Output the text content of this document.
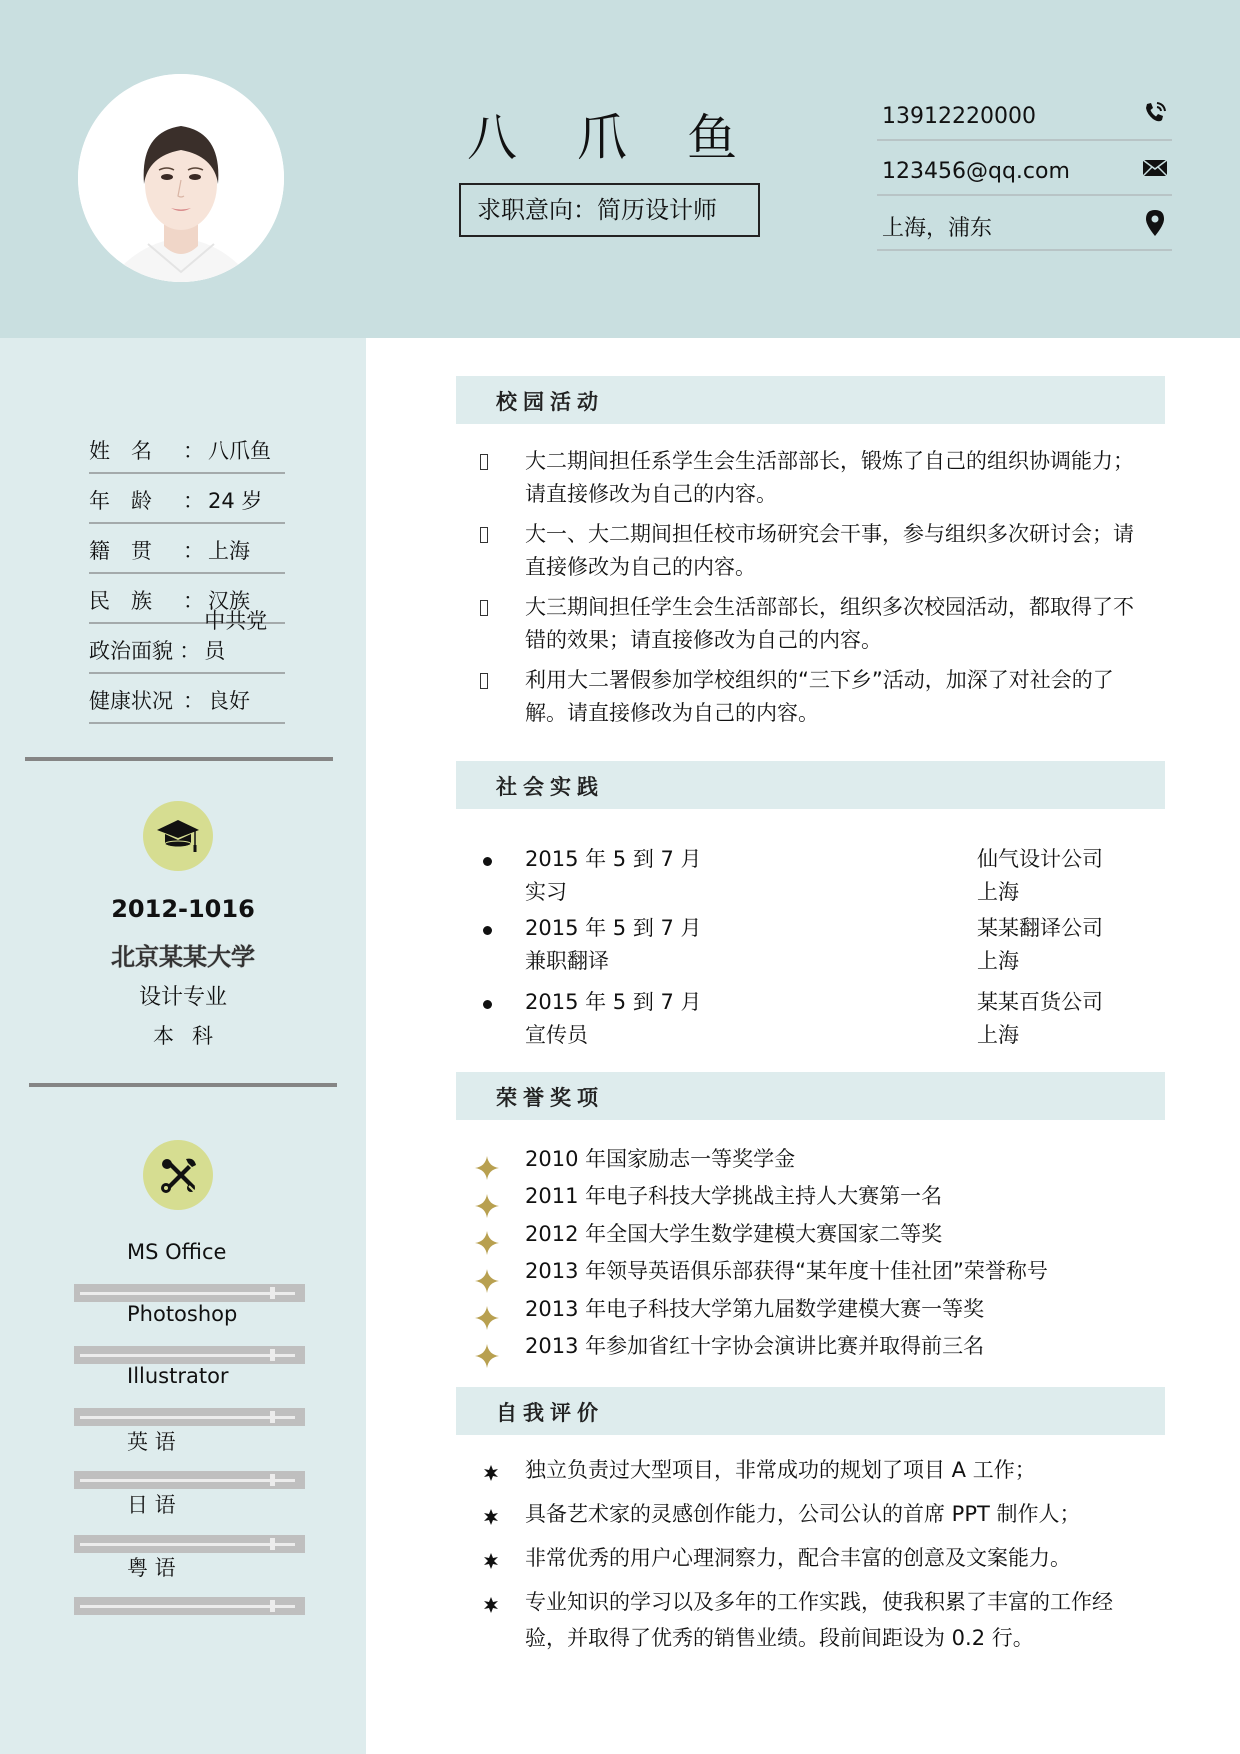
八 爪 鱼
求职意向：简历设计师
13912220000
123456@qq.com
上海，浦东
姓名 ： 八爪鱼
年龄 ： 24 岁
籍贯 ： 上海
民族 ： 汉族
政治面貌 ：
中共党员
健康状况 ： 良好
2012-1016
北京某某大学
设计专业
本科
MS Office
Photoshop
Illustrator
英 语
日 语
粤 语
校园活动
大二期间担任系学生会生活部部长，锻炼了自己的组织协调能力；请直接修改为自己的内容。
大一、大二期间担任校市场研究会干事，参与组织多次研讨会；请直接修改为自己的内容。
大三期间担任学生会生活部部长，组织多次校园活动，都取得了不错的效果；请直接修改为自己的内容。
利用大二署假参加学校组织的“三下乡”活动，加深了对社会的了解。请直接修改为自己的内容。
社会实践
2015 年 5 到 7 月
实习
仙气设计公司
上海
2015 年 5 到 7 月
兼职翻译
某某翻译公司
上海
2015 年 5 到 7 月
宣传员
某某百货公司
上海
荣誉奖项
2010 年国家励志一等奖学金
2011 年电子科技大学挑战主持人大赛第一名
2012 年全国大学生数学建模大赛国家二等奖
2013 年领导英语俱乐部获得“某年度十佳社团”荣誉称号
2013 年电子科技大学第九届数学建模大赛一等奖
2013 年参加省红十字协会演讲比赛并取得前三名
自我评价
独立负责过大型项目，非常成功的规划了项目 A 工作；
具备艺术家的灵感创作能力，公司公认的首席 PPT 制作人；
非常优秀的用户心理洞察力，配合丰富的创意及文案能力。
专业知识的学习以及多年的工作实践，使我积累了丰富的工作经验，并取得了优秀的销售业绩。段前间距设为 0.2 行。
